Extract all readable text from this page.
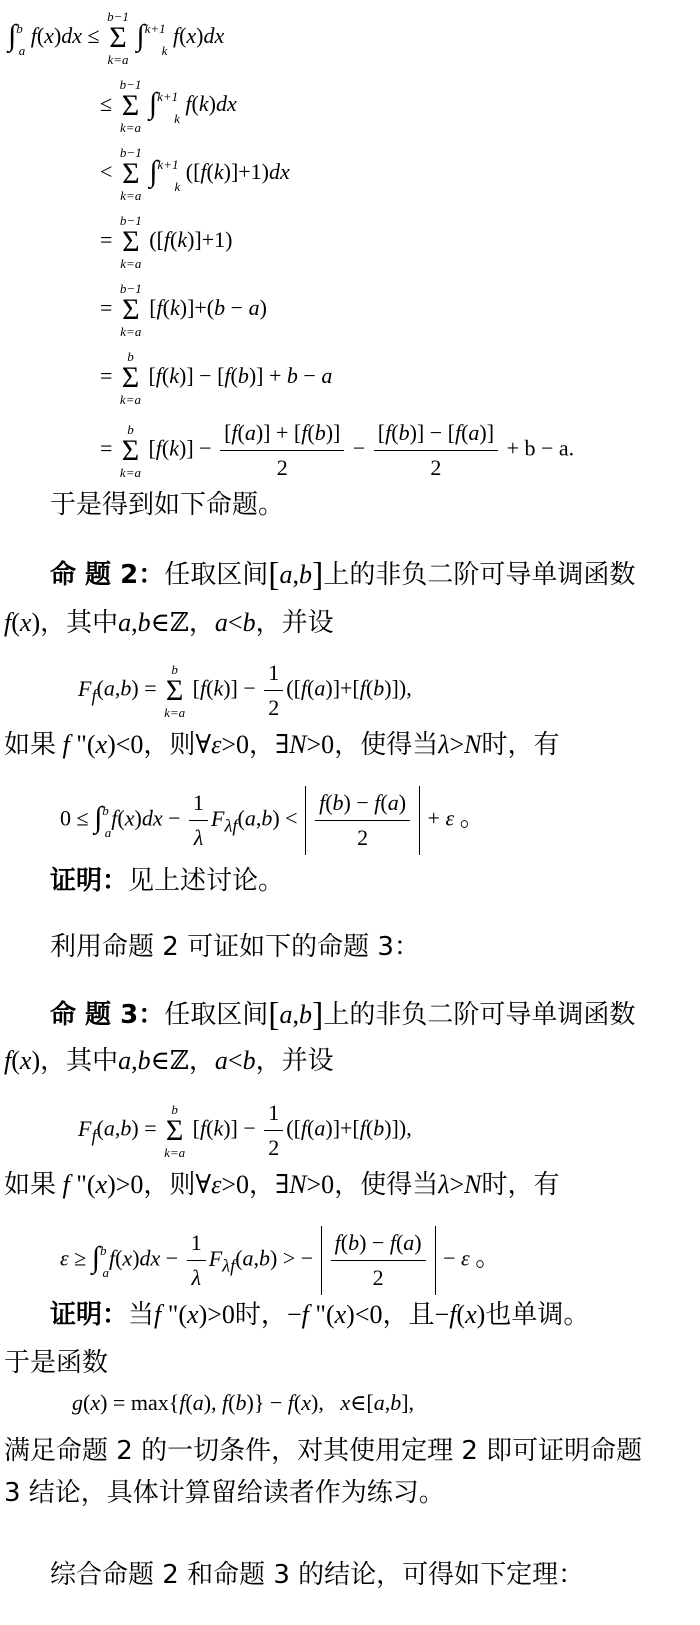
∫$^b_a$ f(x)dx ≤
b−1
Σ
k=a
∫$^{k+1}_k$ f(x)dx
≤
b−1
Σ
k=a
∫$^{k+1}_k$ f(k)dx
<
b−1
Σ
k=a
∫$^{k+1}_k$ ([f(k)]+1)dx
=
b−1
Σ
k=a
([f(k)]+1)
=
b−1
Σ
k=a
[f(k)]+(b − a)
=
b
Σ
k=a
[f(k)] − [f(b)] + b − a
=
b
Σ
k=a
$[f(k)] - \frac{[f(a)] + [f(b)]}{2} - \frac{[f(b)] - [f(a)]}{2} + b - a$.
于是得到如下命题。
命 题 2：任取区间[a,b]上的非负二阶可导单调函数
f(x)，其中a,b∈ℤ，a<b，并设
$F_f(a,b)$ =
b
Σ
k=a
$[f(k)] - \frac{1}{2} ([f(a)]+[f(b)])$,
如果 f "(x)<0，则∀ε>0，∃N>0，使得当λ>N时，有
$0 \le \int^b_af(x)dx - \frac{1}{\lambda} F_{\lambda f}(a,b) < \frac{f(b) - f(a)}{2} + \varepsilon$ 。
证明：见上述讨论。
利用命题 2 可证如下的命题 3：
命 题 3：任取区间[a,b]上的非负二阶可导单调函数
f(x)，其中a,b∈ℤ，a<b，并设
$F_f(a,b)$ =
b
Σ
k=a
$[f(k)] - \frac{1}{2} ([f(a)]+[f(b)])$,
如果 f "(x)>0，则∀ε>0，∃N>0，使得当λ>N时，有
$\varepsilon \ge \int^b_af(x)dx - \frac{1}{\lambda} F_{\lambda f}(a,b)$ > − $\frac{f(b) - f(a)}{2} - \varepsilon$ 。
证明：当f "(x)>0时，−f "(x)<0，且−f(x)也单调。
于是函数
g(x) = max{f(a), f(b)} − f(x),   x∈[a,b],
满足命题 2 的一切条件，对其使用定理 2 即可证明命题
3 结论，具体计算留给读者作为练习。
综合命题 2 和命题 3 的结论，可得如下定理：
